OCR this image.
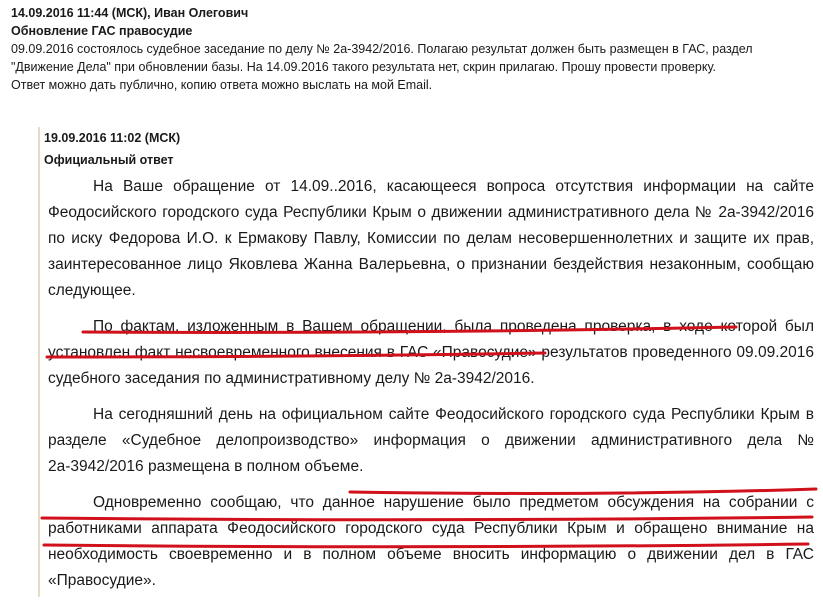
14.09.2016 11:44 (МСК), Иван Олегович
Обновление ГАС правосудие
09.09.2016 состоялось судебное заседание по делу № 2а-3942/2016. Полагаю результат должен быть размещен в ГАС, раздел "Движение Дела" при обновлении базы. На 14.09.2016 такого результата нет, скрин прилагаю. Прошу провести проверку.
Ответ можно дать публично, копию ответа можно выслать на мой Email.
19.09.2016 11:02 (МСК)
Официальный ответ

На Ваше обращение от 14.09..2016, касающееся вопроса отсутствия информации на сайте Феодосийского городского суда Республики Крым о движении административного дела № 2а-3942/2016 по иску Федорова И.О. к Ермакову Павлу, Комиссии по делам несовершеннолетних и защите их прав, заинтересованное лицо Яковлева Жанна Валерьевна, о признании бездействия незаконным, сообщаю следующее.

По фактам, изложенным в Вашем обращении, была проведена проверка, в ходе которой был установлен факт несвоевременного внесения в ГАС «Правосудие» результатов проведенного 09.09.2016 судебного заседания по административному делу № 2а-3942/2016.

На сегодняшний день на официальном сайте Феодосийского городского суда Республики Крым в разделе «Судебное делопроизводство» информация о движении административного дела № 2а-3942/2016 размещена в полном объеме.

Одновременно сообщаю, что данное нарушение было предметом обсуждения на собрании с работниками аппарата Феодосийского городского суда Республики Крым и обращено внимание на необходимость своевременно и в полном объеме вносить информацию о движении дел в ГАС «Правосудие».
